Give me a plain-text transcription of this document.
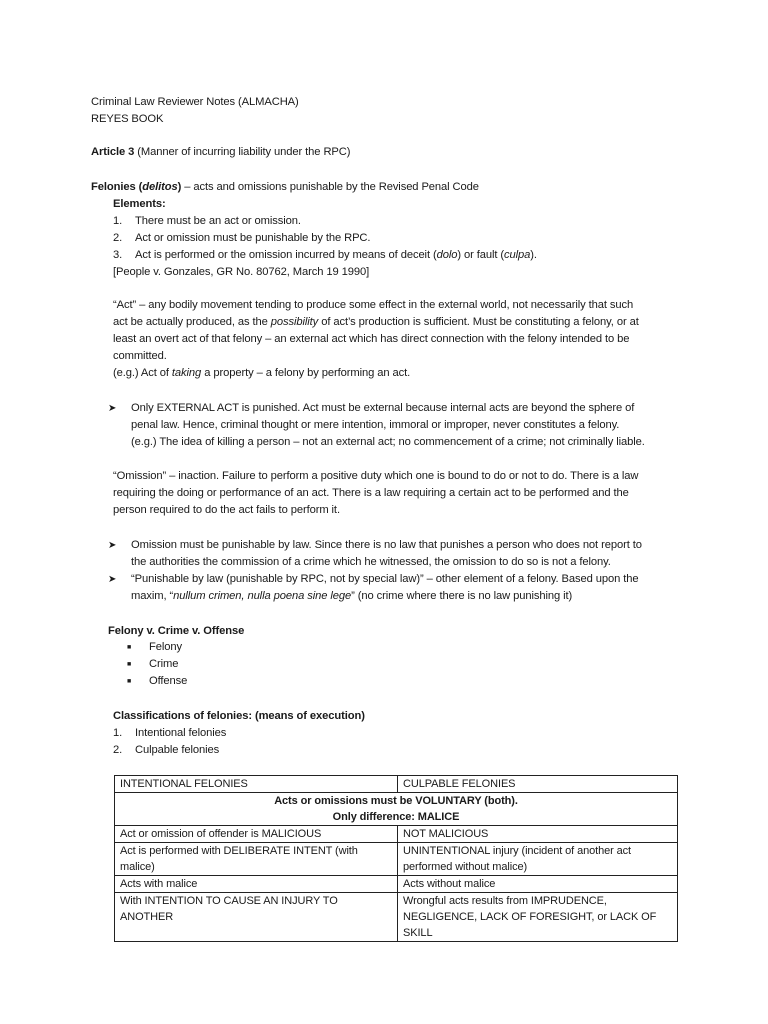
Criminal Law Reviewer Notes (ALMACHA)
REYES BOOK
Article 3 (Manner of incurring liability under the RPC)
Felonies (delitos) – acts and omissions punishable by the Revised Penal Code
Elements:
1. There must be an act or omission.
2. Act or omission must be punishable by the RPC.
3. Act is performed or the omission incurred by means of deceit (dolo) or fault (culpa).
[People v. Gonzales, GR No. 80762, March 19 1990]
“Act” – any bodily movement tending to produce some effect in the external world, not necessarily that such
act be actually produced, as the possibility of act’s production is sufficient. Must be constituting a felony, or at
least an overt act of that felony – an external act which has direct connection with the felony intended to be
committed.
(e.g.) Act of taking a property – a felony by performing an act.
➤ Only EXTERNAL ACT is punished. Act must be external because internal acts are beyond the sphere of
penal law. Hence, criminal thought or mere intention, immoral or improper, never constitutes a felony.
(e.g.) The idea of killing a person – not an external act; no commencement of a crime; not criminally liable.
“Omission” – inaction. Failure to perform a positive duty which one is bound to do or not to do. There is a law
requiring the doing or performance of an act. There is a law requiring a certain act to be performed and the
person required to do the act fails to perform it.
➤ Omission must be punishable by law. Since there is no law that punishes a person who does not report to
the authorities the commission of a crime which he witnessed, the omission to do so is not a felony.
➤ “Punishable by law (punishable by RPC, not by special law)” – other element of a felony. Based upon the
maxim, “nullum crimen, nulla poena sine lege” (no crime where there is no law punishing it)
Felony v. Crime v. Offense
■ Felony
■ Crime
■ Offense
Classifications of felonies: (means of execution)
1. Intentional felonies
2. Culpable felonies
INTENTIONAL FELONIES	CULPABLE FELONIES
Acts or omissions must be VOLUNTARY (both).	
Only difference: MALICE	
Act or omission of offender is MALICIOUS	NOT MALICIOUS
Act is performed with DELIBERATE INTENT (with malice)	UNINTENTIONAL injury (incident of another act performed without malice)
Acts with malice	Acts without malice
With INTENTION TO CAUSE AN INJURY TO ANOTHER	Wrongful acts results from IMPRUDENCE, NEGLIGENCE, LACK OF FORESIGHT, or LACK OF SKILL
